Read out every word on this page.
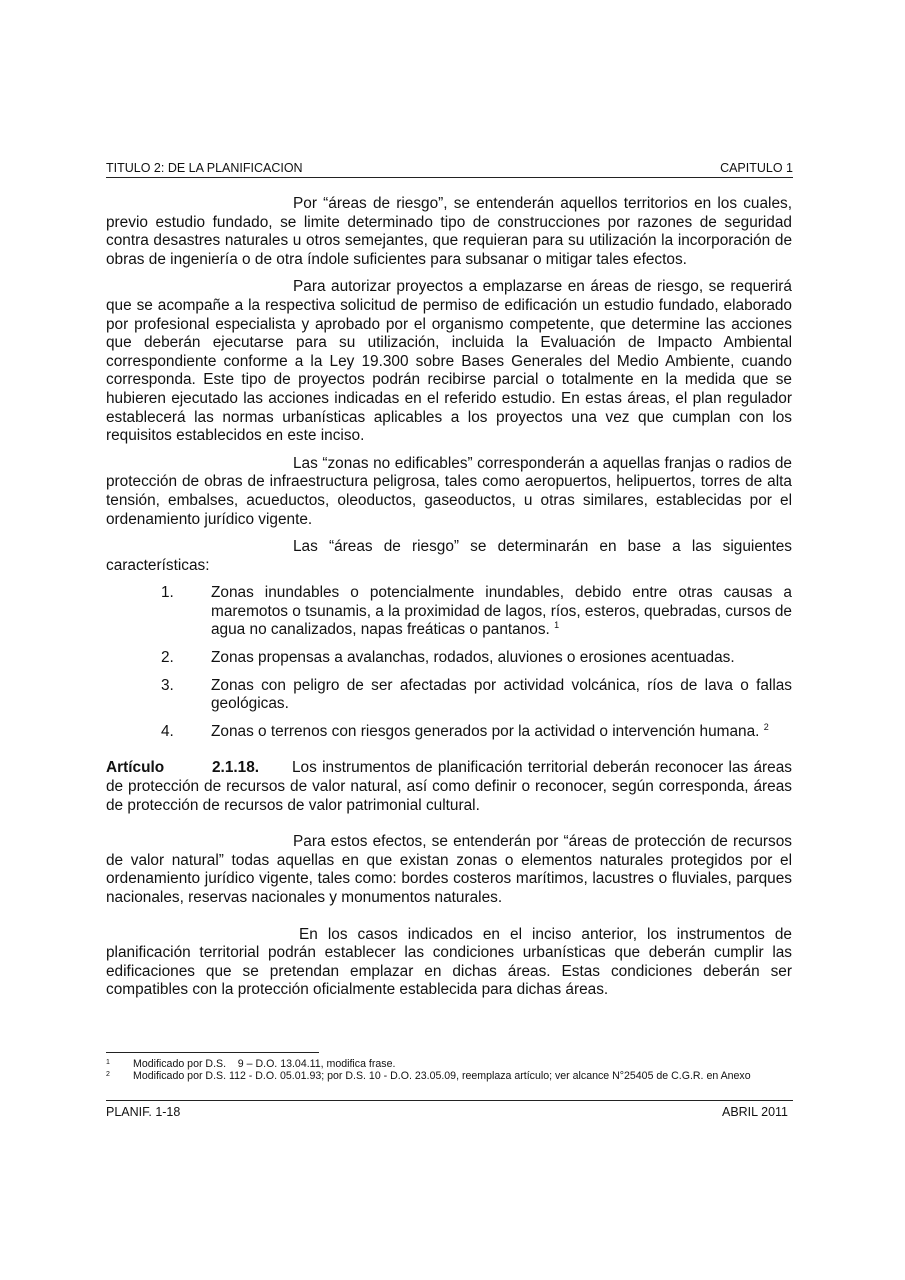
TITULO 2: DE LA PLANIFICACION	CAPITULO 1

Por “áreas de riesgo”, se entenderán aquellos territorios en los cuales, previo estudio fundado, se limite determinado tipo de construcciones por razones de seguridad contra desastres naturales u otros semejantes, que requieran para su utilización la incorporación de obras de ingeniería o de otra índole suficientes para subsanar o mitigar tales efectos.

Para autorizar proyectos a emplazarse en áreas de riesgo, se requerirá que se acompañe a la respectiva solicitud de permiso de edificación un estudio fundado, elaborado por profesional especialista y aprobado por el organismo competente, que determine las acciones que deberán ejecutarse para su utilización, incluida la Evaluación de Impacto Ambiental correspondiente conforme a la Ley 19.300 sobre Bases Generales del Medio Ambiente, cuando corresponda. Este tipo de proyectos podrán recibirse parcial o totalmente en la medida que se hubieren ejecutado las acciones indicadas en el referido estudio. En estas áreas, el plan regulador establecerá las normas urbanísticas aplicables a los proyectos una vez que cumplan con los requisitos establecidos en este inciso.

Las “zonas no edificables” corresponderán a aquellas franjas o radios de protección de obras de infraestructura peligrosa, tales como aeropuertos, helipuertos, torres de alta tensión, embalses, acueductos, oleoductos, gaseoductos, u otras similares, establecidas por el ordenamiento jurídico vigente.

Las “áreas de riesgo” se determinarán en base a las siguientes características:

1.	Zonas inundables o potencialmente inundables, debido entre otras causas a maremotos o tsunamis, a la proximidad de lagos, ríos, esteros, quebradas, cursos de agua no canalizados, napas freáticas o pantanos. $^1$
2.	Zonas propensas a avalanchas, rodados, aluviones o erosiones acentuadas.
3.	Zonas con peligro de ser afectadas por actividad volcánica, ríos de lava o fallas geológicas.
4.	Zonas o terrenos con riesgos generados por la actividad o intervención humana. $^2$

Artículo	2.1.18. Los instrumentos de planificación territorial deberán reconocer las áreas de protección de recursos de valor natural, así como definir o reconocer, según corresponda, áreas de protección de recursos de valor patrimonial cultural.

Para estos efectos, se entenderán por “áreas de protección de recursos de valor natural” todas aquellas en que existan zonas o elementos naturales protegidos por el ordenamiento jurídico vigente, tales como: bordes costeros marítimos, lacustres o fluviales, parques nacionales, reservas nacionales y monumentos naturales.

En los casos indicados en el inciso anterior, los instrumentos de planificación territorial podrán establecer las condiciones urbanísticas que deberán cumplir las edificaciones que se pretendan emplazar en dichas áreas. Estas condiciones deberán ser compatibles con la protección oficialmente establecida para dichas áreas.

1	Modificado por D.S.    9 – D.O. 13.04.11, modifica frase.
2	Modificado por D.S. 112 - D.O. 05.01.93; por D.S. 10 - D.O. 23.05.09, reemplaza artículo; ver alcance N°25405 de C.G.R. en Anexo
PLANIF. 1-18	ABRIL 2011
